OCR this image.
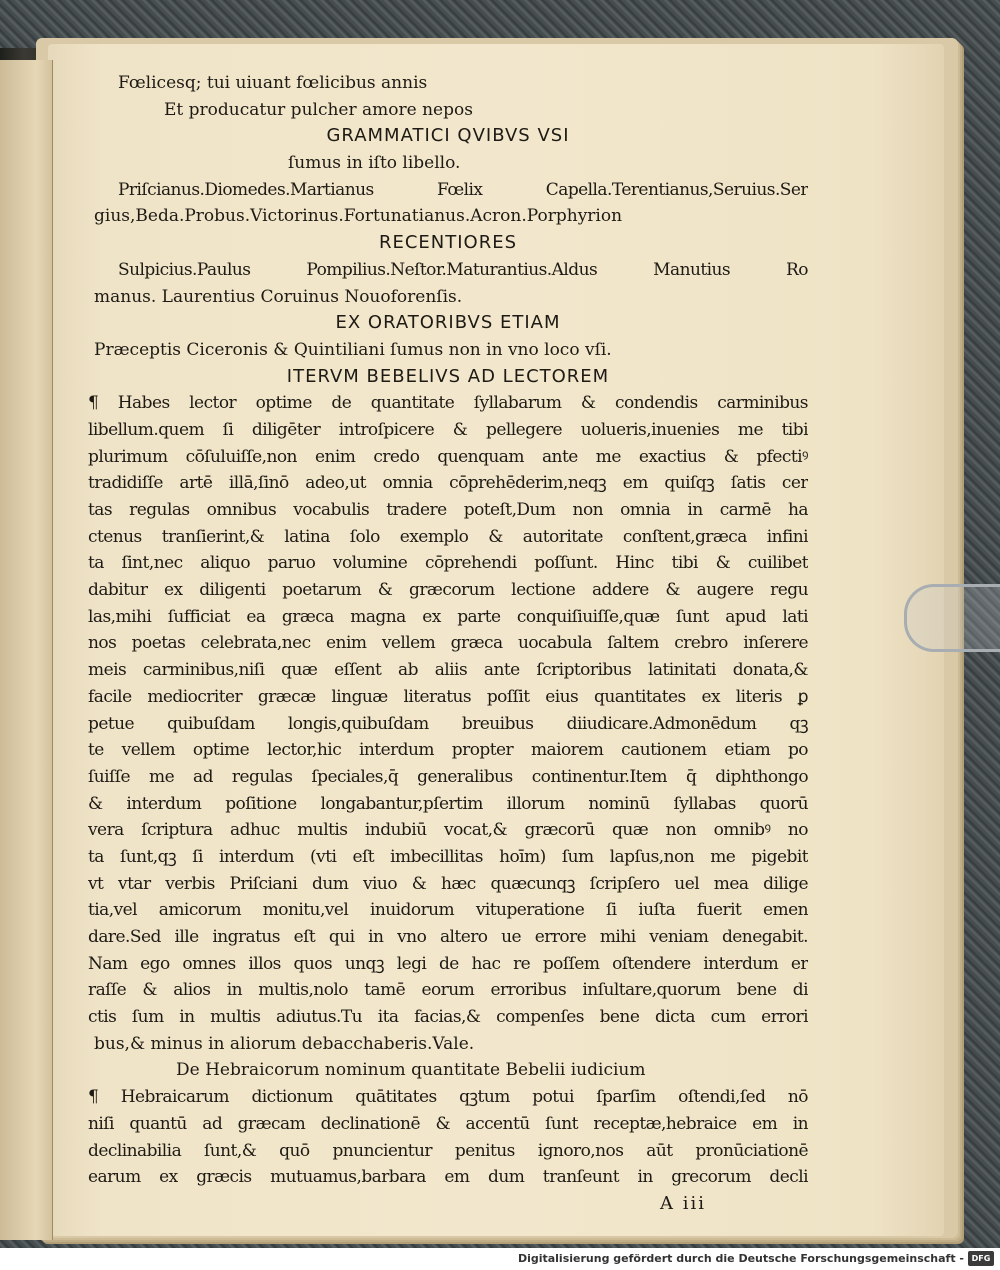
Fœlicesq; tui uiuant fœlicibus annis
Et producatur pulcher amore nepos
GRAMMATICI QVIBVS VSI
ſumus in iſto libello.
Priſcianus.Diomedes.Martianus Fœlix Capella.Terentianus,Seruius.Ser
gius,Beda.Probus.Victorinus.Fortunatianus.Acron.Porphyrion
RECENTIORES
Sulpicius.Paulus Pompilius.Neſtor.Maturantius.Aldus Manutius Ro
manus. Laurentius Coruinus Nouoforenſis.
EX ORATORIBVS ETIAM
Præceptis Ciceronis & Quintiliani ſumus non in vno loco vſi.
ITERVM BEBELIVS AD LECTOREM
¶ Habes lector optime de quantitate ſyllabarum & condendis carminibus
libellum.quem ſi diligēter introſpicere & pellegere uolueris,inuenies me tibi
plurimum cōſuluiſſe,non enim credo quenquam ante me exactius & pfectiꝰ
tradidiſſe artē illā,ſinō adeo,ut omnia cōprehēderim,neqꝫ em quiſqꝫ ſatis cer
tas regulas omnibus vocabulis tradere poteſt,Dum non omnia in carmē ha
ctenus tranſierint,& latina ſolo exemplo & autoritate conſtent,græca infini
ta ſint,nec aliquo paruo volumine cōprehendi poſſunt. Hinc tibi & cuilibet
dabitur ex diligenti poetarum & græcorum lectione addere & augere regu
las,mihi ſufficiat ea græca magna ex parte conquiſiuiſſe,quæ ſunt apud lati
nos poetas celebrata,nec enim vellem græca uocabula ſaltem crebro inſerere
meis carminibus,niſi quæ eſſent ab aliis ante ſcriptoribus latinitati donata,&
facile mediocriter græcæ linguæ literatus poſſit eius quantitates ex literis ꝑ
petue quibuſdam longis,quibuſdam breuibus diiudicare.Admonēdum qꝫ
te vellem optime lector,hic interdum propter maiorem cautionem etiam po
ſuiſſe me ad regulas ſpeciales,q̄ generalibus continentur.Item q̄ diphthongo
& interdum poſitione longabantur,pſertim illorum nominū ſyllabas quorū
vera ſcriptura adhuc multis indubiū vocat,& græcorū quæ non omnibꝰ no
ta ſunt,qꝫ ſi interdum (vti eſt imbecillitas hoīm) ſum lapſus,non me pigebit
vt vtar verbis Priſciani dum viuo & hæc quæcunqꝫ ſcripſero uel mea dilige
tia,vel amicorum monitu,vel inuidorum vituperatione ſi iuſta fuerit emen
dare.Sed ille ingratus eſt qui in vno altero ue errore mihi veniam denegabit.
Nam ego omnes illos quos unqꝫ legi de hac re poſſem oſtendere interdum er
raſſe & alios in multis,nolo tamē eorum erroribus inſultare,quorum bene di
ctis ſum in multis adiutus.Tu ita facias,& compenſes bene dicta cum errori
bus,& minus in aliorum debacchaberis.Vale.
De Hebraicorum nominum quantitate Bebelii iudicium
¶ Hebraicarum dictionum quātitates qꝫtum potui ſparſim oſtendi,ſed nō
niſi quantū ad græcam declinationē & accentū ſunt receptæ,hebraice em in
declinabilia ſunt,& quō pnuncientur penitus ignoro,nos aūt pronūciationē
earum ex græcis mutuamus,barbara em dum tranſeunt in grecorum decli
A iii
Digitalisierung gefördert durch die Deutsche Forschungsgemeinschaft - DFG
